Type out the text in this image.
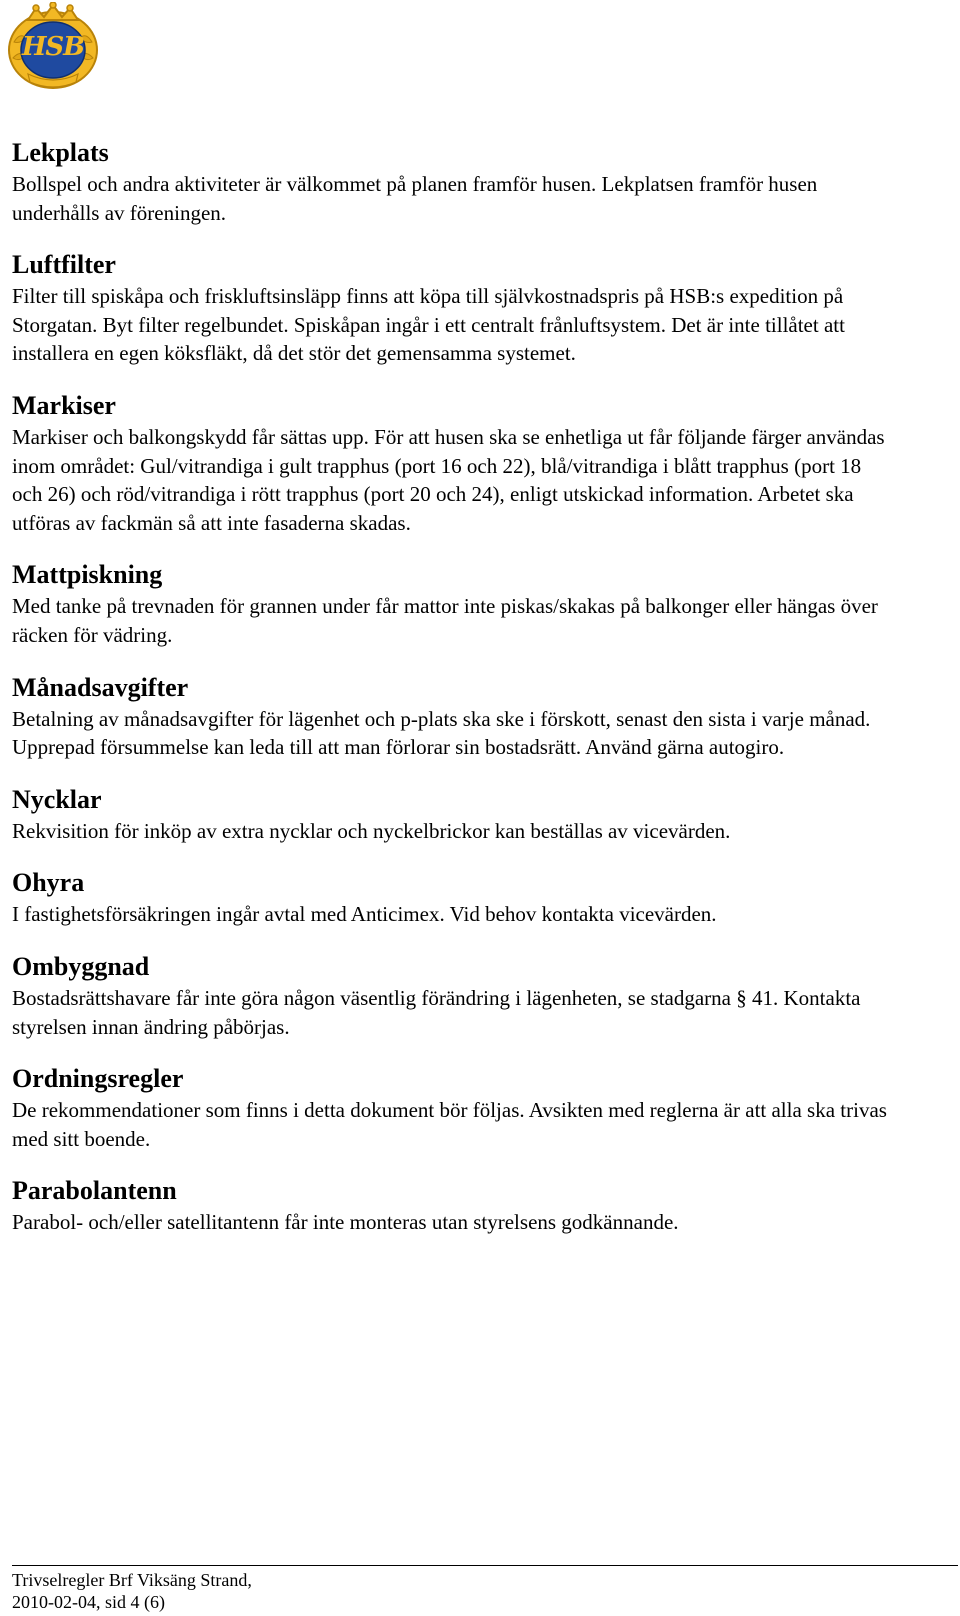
HSB
Lekplats

Bollspel och andra aktiviteter är välkommet på planen framför husen. Lekplatsen framför husen underhålls av föreningen.

Luftfilter

Filter till spiskåpa och friskluftsinsläpp finns att köpa till självkostnadspris på HSB:s expedition på Storgatan. Byt filter regelbundet. Spiskåpan ingår i ett centralt frånluftsystem. Det är inte tillåtet att installera en egen köksfläkt, då det stör det gemensamma systemet.

Markiser

Markiser och balkongskydd får sättas upp. För att husen ska se enhetliga ut får följande färger användas inom området: Gul/vitrandiga i gult trapphus (port 16 och 22), blå/vitrandiga i blått trapphus (port 18 och 26) och röd/vitrandiga i rött trapphus (port 20 och 24), enligt utskickad information. Arbetet ska utföras av fackmän så att inte fasaderna skadas.

Mattpiskning

Med tanke på trevnaden för grannen under får mattor inte piskas/skakas på balkonger eller hängas över räcken för vädring.

Månadsavgifter

Betalning av månadsavgifter för lägenhet och p-plats ska ske i förskott, senast den sista i varje månad. Upprepad försummelse kan leda till att man förlorar sin bostadsrätt. Använd gärna autogiro.

Nycklar

Rekvisition för inköp av extra nycklar och nyckelbrickor kan beställas av vicevärden.

Ohyra

I fastighetsförsäkringen ingår avtal med Anticimex. Vid behov kontakta vicevärden.

Ombyggnad

Bostadsrättshavare får inte göra någon väsentlig förändring i lägenheten, se stadgarna § 41. Kontakta styrelsen innan ändring påbörjas.

Ordningsregler

De rekommendationer som finns i detta dokument bör följas. Avsikten med reglerna är att alla ska trivas med sitt boende.

Parabolantenn

Parabol- och/eller satellitantenn får inte monteras utan styrelsens godkännande.

Trivselregler Brf Viksäng Strand,
2010-02-04, sid 4 (6)
